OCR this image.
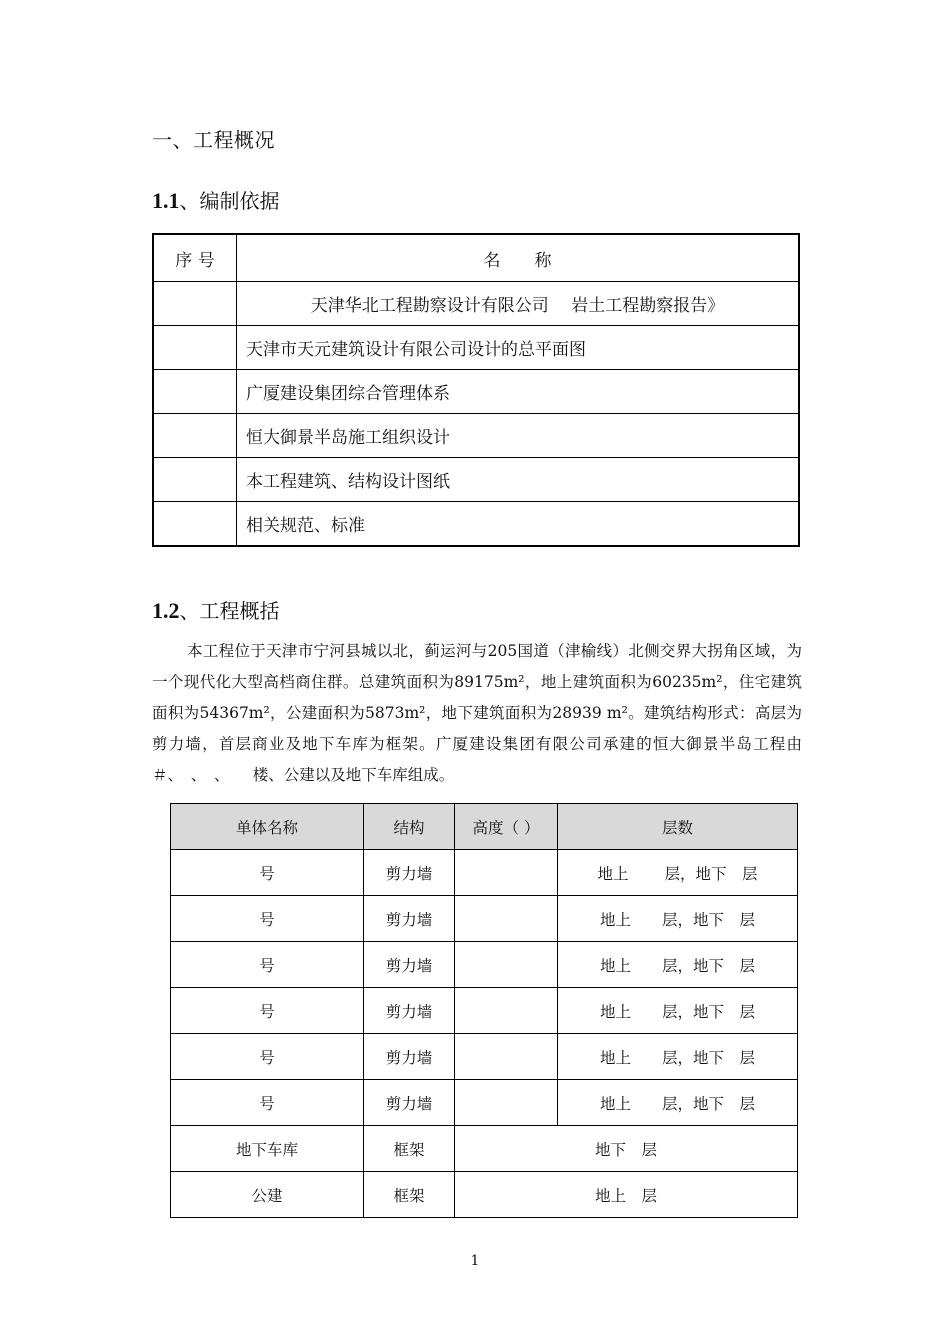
一、工程概况
1.1、编制依据
序 号	名　　称
	天津华北工程勘察设计有限公司　 岩土工程勘察报告》
	天津市天元建筑设计有限公司设计的总平面图
	广厦建设集团综合管理体系
	恒大御景半岛施工组织设计
	本工程建筑、结构设计图纸
	相关规范、标准
1.2、工程概括

本工程位于天津市宁河县城以北，蓟运河与205国道（津榆线）北侧交界大拐角区域，为一个现代化大型高档商住群。总建筑面积为89175m²，地上建筑面积为60235m²，住宅建筑面积为54367m²，公建面积为5873m²，地下建筑面积为28939 m²。建筑结构形式：高层为剪力墙，首层商业及地下车库为框架。广厦建设集团有限公司承建的恒大御景半岛工程由＃、　、　、　　楼、公建以及地下车库组成。

单体名称	结构	高度（ ）	层数
号	剪力墙		地上　　 层，地下　层
号	剪力墙		地上　　层，地下　层
号	剪力墙		地上　　层，地下　层
号	剪力墙		地上　　层，地下　层
号	剪力墙		地上　　层，地下　层
号	剪力墙		地上　　层，地下　层
地下车库	框架	地下　层	
公建	框架	地上　层	
1
